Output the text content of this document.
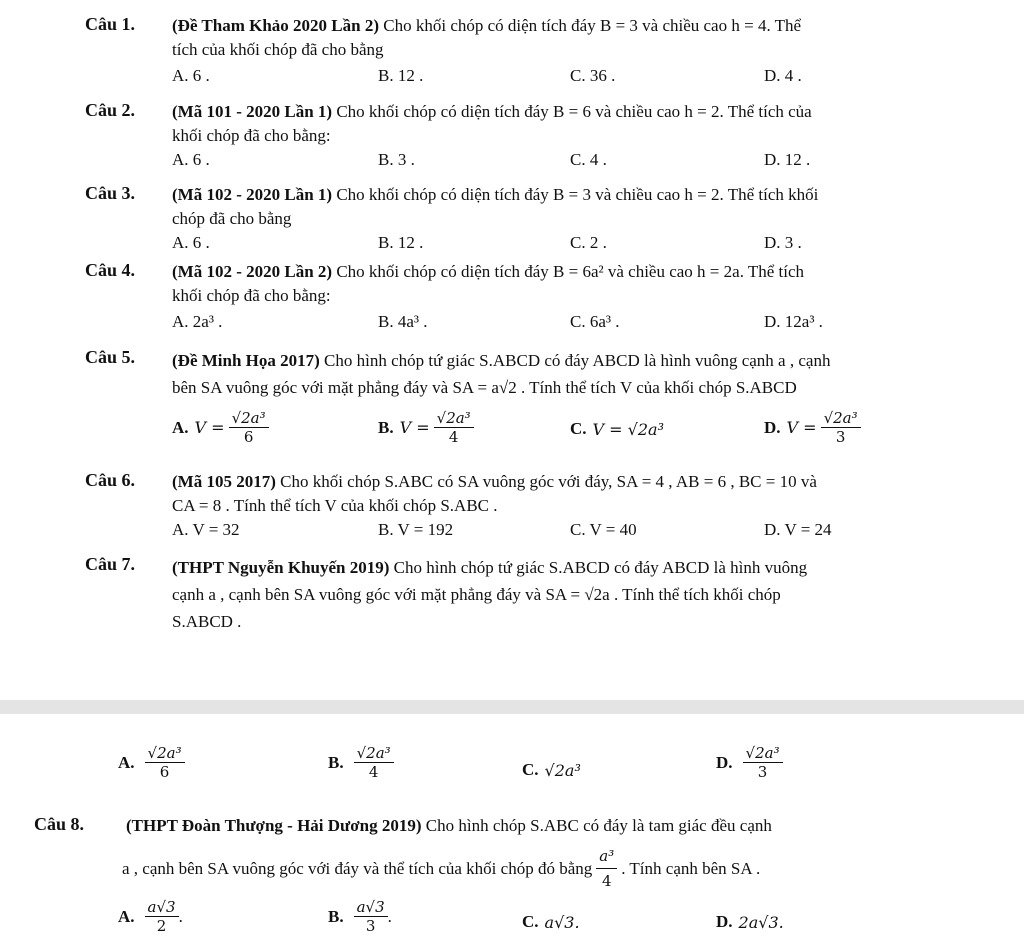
Câu 1. (Đề Tham Khảo 2020 Lần 2) Cho khối chóp có diện tích đáy B = 3 và chiều cao h = 4. Thể
tích của khối chóp đã cho bằng
A. 6 .	B. 12 .	C. 36 .	D. 4 .
Câu 2. (Mã 101 - 2020 Lần 1) Cho khối chóp có diện tích đáy B = 6 và chiều cao h = 2. Thể tích của
khối chóp đã cho bằng:
A. 6 .	B. 3 .	C. 4 .	D. 12 .
Câu 3. (Mã 102 - 2020 Lần 1) Cho khối chóp có diện tích đáy B = 3 và chiều cao h = 2. Thể tích khối
chóp đã cho bằng
A. 6 .	B. 12 .	C. 2 .	D. 3 .
Câu 4. (Mã 102 - 2020 Lần 2) Cho khối chóp có diện tích đáy B = 6a² và chiều cao h = 2a. Thể tích
khối chóp đã cho bằng:
A. 2a³ .	B. 4a³ .	C. 6a³ .	D. 12a³ .
Câu 5. (Đề Minh Họa 2017) Cho hình chóp tứ giác S.ABCD có đáy ABCD là hình vuông cạnh a , cạnh
bên SA vuông góc với mặt phẳng đáy và SA = a√2 . Tính thể tích V của khối chóp S.ABCD
A. $V = \frac{\text{√2a³}}{6}$	B. $V = \frac{\text{√2a³}}{4}$	C. V = √2a³	D. $V = \frac{\text{√2a³}}{3}$
Câu 6. (Mã 105 2017) Cho khối chóp S.ABC có SA vuông góc với đáy, SA = 4 , AB = 6 , BC = 10 và
CA = 8 . Tính thể tích V của khối chóp S.ABC .
A. V = 32	B. V = 192	C. V = 40	D. V = 24
Câu 7. (THPT Nguyễn Khuyến 2019) Cho hình chóp tứ giác S.ABCD có đáy ABCD là hình vuông
cạnh a , cạnh bên SA vuông góc với mặt phẳng đáy và SA = √2a . Tính thể tích khối chóp
S.ABCD .
A. $\frac{\text{√2a³}}{6}$	B. $\frac{\text{√2a³}}{4}$	C. √2a³	D. $\frac{\text{√2a³}}{3}$
Câu 8. (THPT Đoàn Thượng - Hải Dương 2019) Cho hình chóp S.ABC có đáy là tam giác đều cạnh
a , cạnh bên SA vuông góc với đáy và thể tích của khối chóp đó bằng $\frac{\text{a³}}{4}$ . Tính cạnh bên SA .
A. $\frac{a√3}{2}$ .	B. $\frac{a√3}{3}$ .	C. a√3.	D. 2a√3.
